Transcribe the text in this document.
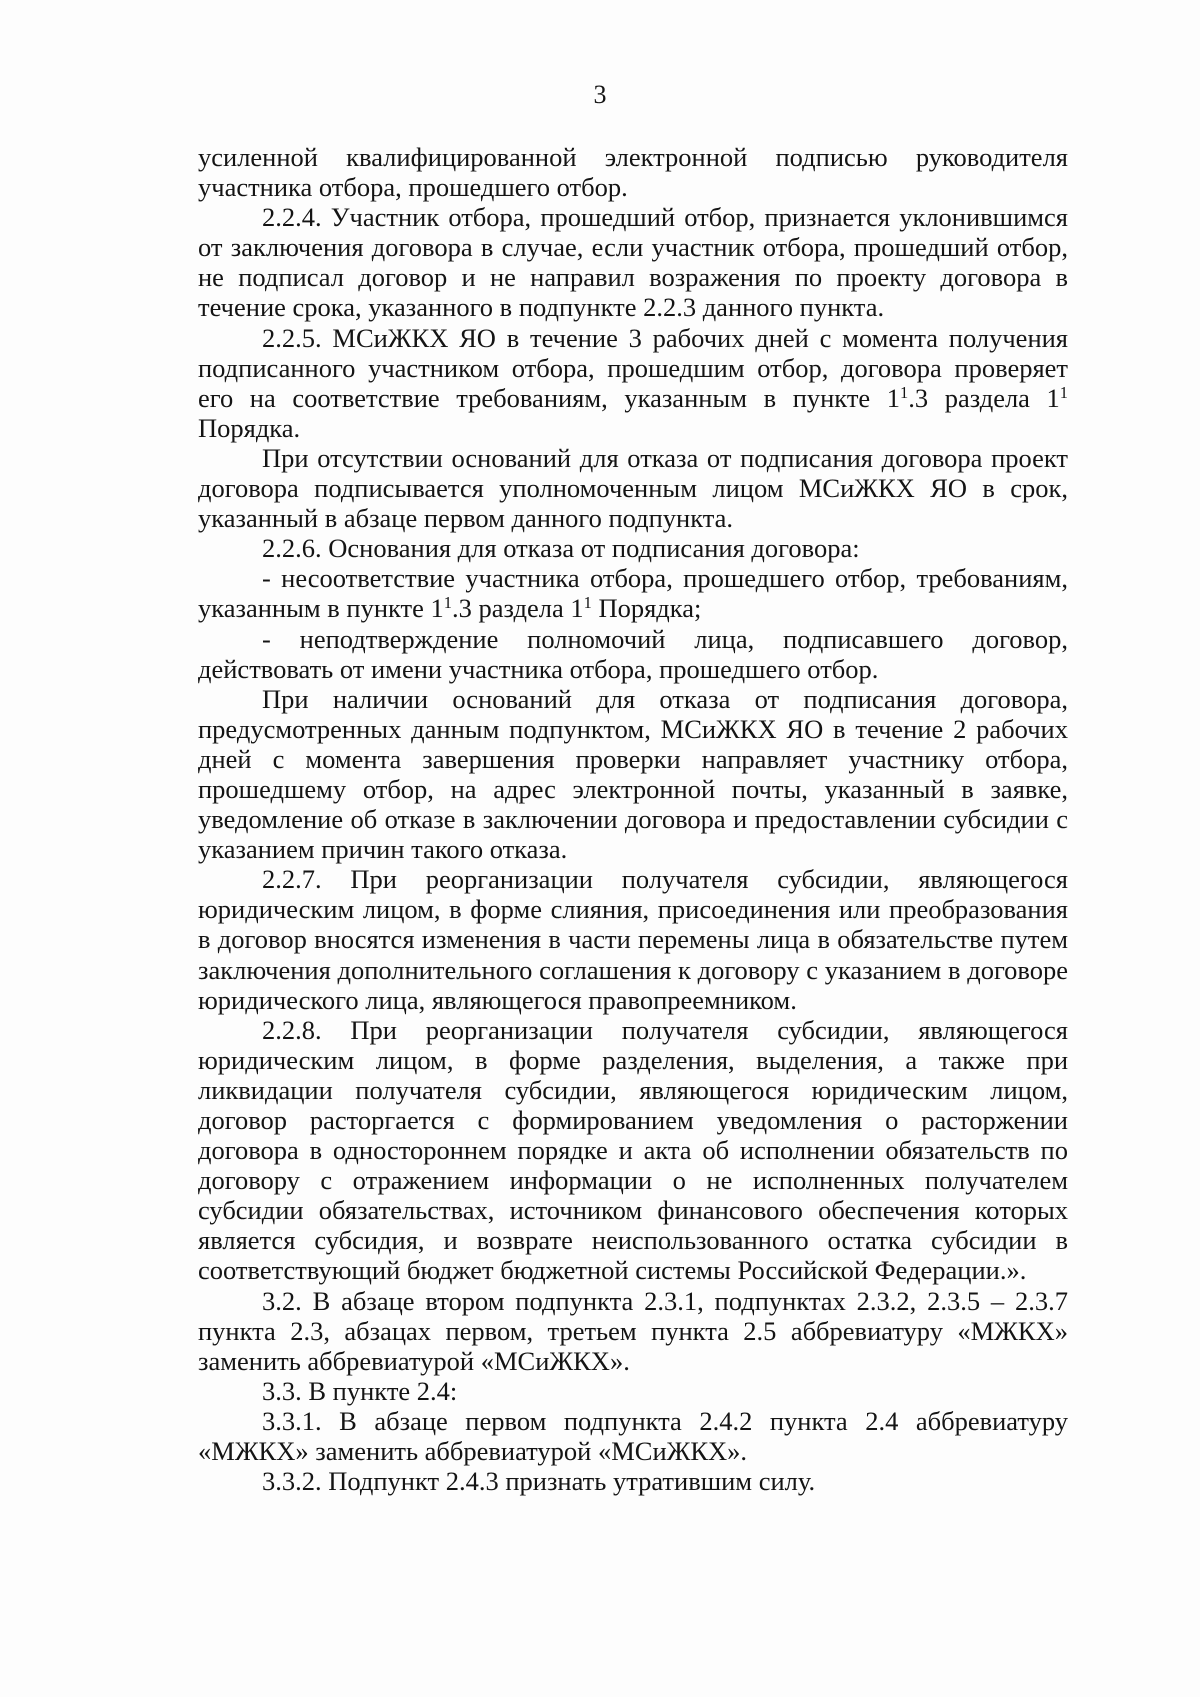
3

усиленной квалифицированной электронной подписью руководителя участника отбора, прошедшего отбор.

2.2.4. Участник отбора, прошедший отбор, признается уклонившимся от заключения договора в случае, если участник отбора, прошедший отбор, не подписал договор и не направил возражения по проекту договора в течение срока, указанного в подпункте 2.2.3 данного пункта.

2.2.5. МСиЖКХ ЯО в течение 3 рабочих дней с момента получения подписанного участником отбора, прошедшим отбор, договора проверяет его на соответствие требованиям, указанным в пункте $1^1.3$ раздела $1^1$ Порядка.

При отсутствии оснований для отказа от подписания договора проект договора подписывается уполномоченным лицом МСиЖКХ ЯО в срок, указанный в абзаце первом данного подпункта.

2.2.6. Основания для отказа от подписания договора:

- несоответствие участника отбора, прошедшего отбор, требованиям, указанным в пункте $1^1.3$ раздела $1^1$ Порядка;

- неподтверждение полномочий лица, подписавшего договор, действовать от имени участника отбора, прошедшего отбор.

При наличии оснований для отказа от подписания договора, предусмотренных данным подпунктом, МСиЖКХ ЯО в течение 2 рабочих дней с момента завершения проверки направляет участнику отбора, прошедшему отбор, на адрес электронной почты, указанный в заявке, уведомление об отказе в заключении договора и предоставлении субсидии с указанием причин такого отказа.

2.2.7. При реорганизации получателя субсидии, являющегося юридическим лицом, в форме слияния, присоединения или преобразования в договор вносятся изменения в части перемены лица в обязательстве путем заключения дополнительного соглашения к договору с указанием в договоре юридического лица, являющегося правопреемником.

2.2.8. При реорганизации получателя субсидии, являющегося юридическим лицом, в форме разделения, выделения, а также при ликвидации получателя субсидии, являющегося юридическим лицом, договор расторгается с формированием уведомления о расторжении договора в одностороннем порядке и акта об исполнении обязательств по договору с отражением информации о не исполненных получателем субсидии обязательствах, источником финансового обеспечения которых является субсидия, и возврате неиспользованного остатка субсидии в соответствующий бюджет бюджетной системы Российской Федерации.».

3.2. В абзаце втором подпункта 2.3.1, подпунктах 2.3.2, 2.3.5 – 2.3.7 пункта 2.3, абзацах первом, третьем пункта 2.5 аббревиатуру «МЖКХ» заменить аббревиатурой «МСиЖКХ».

3.3. В пункте 2.4:

3.3.1. В абзаце первом подпункта 2.4.2 пункта 2.4 аббревиатуру «МЖКХ» заменить аббревиатурой «МСиЖКХ».

3.3.2. Подпункт 2.4.3 признать утратившим силу.
